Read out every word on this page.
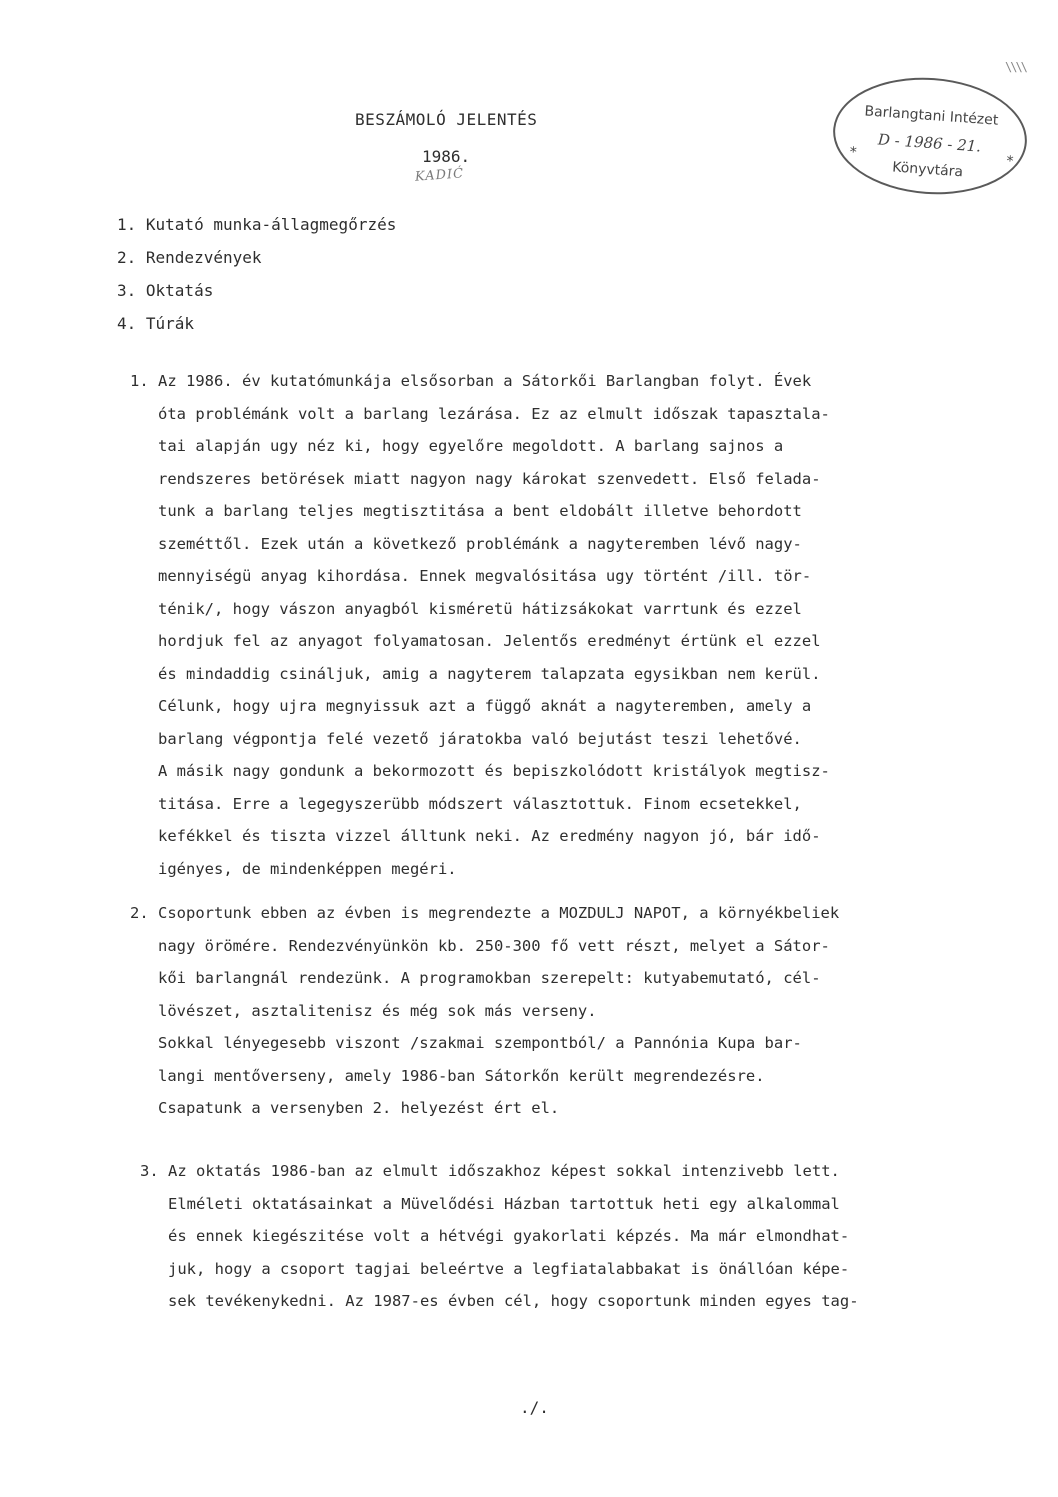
\\\\
BESZÁMOLÓ JELENTÉS
1986.
KADIĆ
Barlangtani Intézet
D - 1986 - 21.
Könyvtára
*
*
1. Kutató munka-állagmegőrzés
2. Rendezvények
3. Oktatás
4. Túrák
1. Az 1986. év kutatómunkája elsősorban a Sátorkői Barlangban folyt. Évek
óta problémánk volt a barlang lezárása. Ez az elmult időszak tapasztala-
tai alapján ugy néz ki, hogy egyelőre megoldott. A barlang sajnos a
rendszeres betörések miatt nagyon nagy károkat szenvedett. Első felada-
tunk a barlang teljes megtisztitása a bent eldobált illetve behordott
szeméttől. Ezek után a következő problémánk a nagyteremben lévő nagy-
mennyiségü anyag kihordása. Ennek megvalósitása ugy történt /ill. tör-
ténik/, hogy vászon anyagból kisméretü hátizsákokat varrtunk és ezzel
hordjuk fel az anyagot folyamatosan. Jelentős eredményt értünk el ezzel
és mindaddig csináljuk, amig a nagyterem talapzata egysikban nem kerül.
Célunk, hogy ujra megnyissuk azt a függő aknát a nagyteremben, amely a
barlang végpontja felé vezető járatokba való bejutást teszi lehetővé.
A másik nagy gondunk a bekormozott és bepiszkolódott kristályok megtisz-
titása. Erre a legegyszerübb módszert választottuk. Finom ecsetekkel,
kefékkel és tiszta vizzel álltunk neki. Az eredmény nagyon jó, bár idő-
igényes, de mindenképpen megéri.
2. Csoportunk ebben az évben is megrendezte a MOZDULJ NAPOT, a környékbeliek
nagy örömére. Rendezvényünkön kb. 250-300 fő vett részt, melyet a Sátor-
kői barlangnál rendezünk. A programokban szerepelt: kutyabemutató, cél-
lövészet, asztalitenisz és még sok más verseny.
Sokkal lényegesebb viszont /szakmai szempontból/ a Pannónia Kupa bar-
langi mentőverseny, amely 1986-ban Sátorkőn került megrendezésre.
Csapatunk a versenyben 2. helyezést ért el.
3. Az oktatás 1986-ban az elmult időszakhoz képest sokkal intenzivebb lett.
Elméleti oktatásainkat a Müvelődési Házban tartottuk heti egy alkalommal
és ennek kiegészitése volt a hétvégi gyakorlati képzés. Ma már elmondhat-
juk, hogy a csoport tagjai beleértve a legfiatalabbakat is önállóan képe-
sek tevékenykedni. Az 1987-es évben cél, hogy csoportunk minden egyes tag-
./.
